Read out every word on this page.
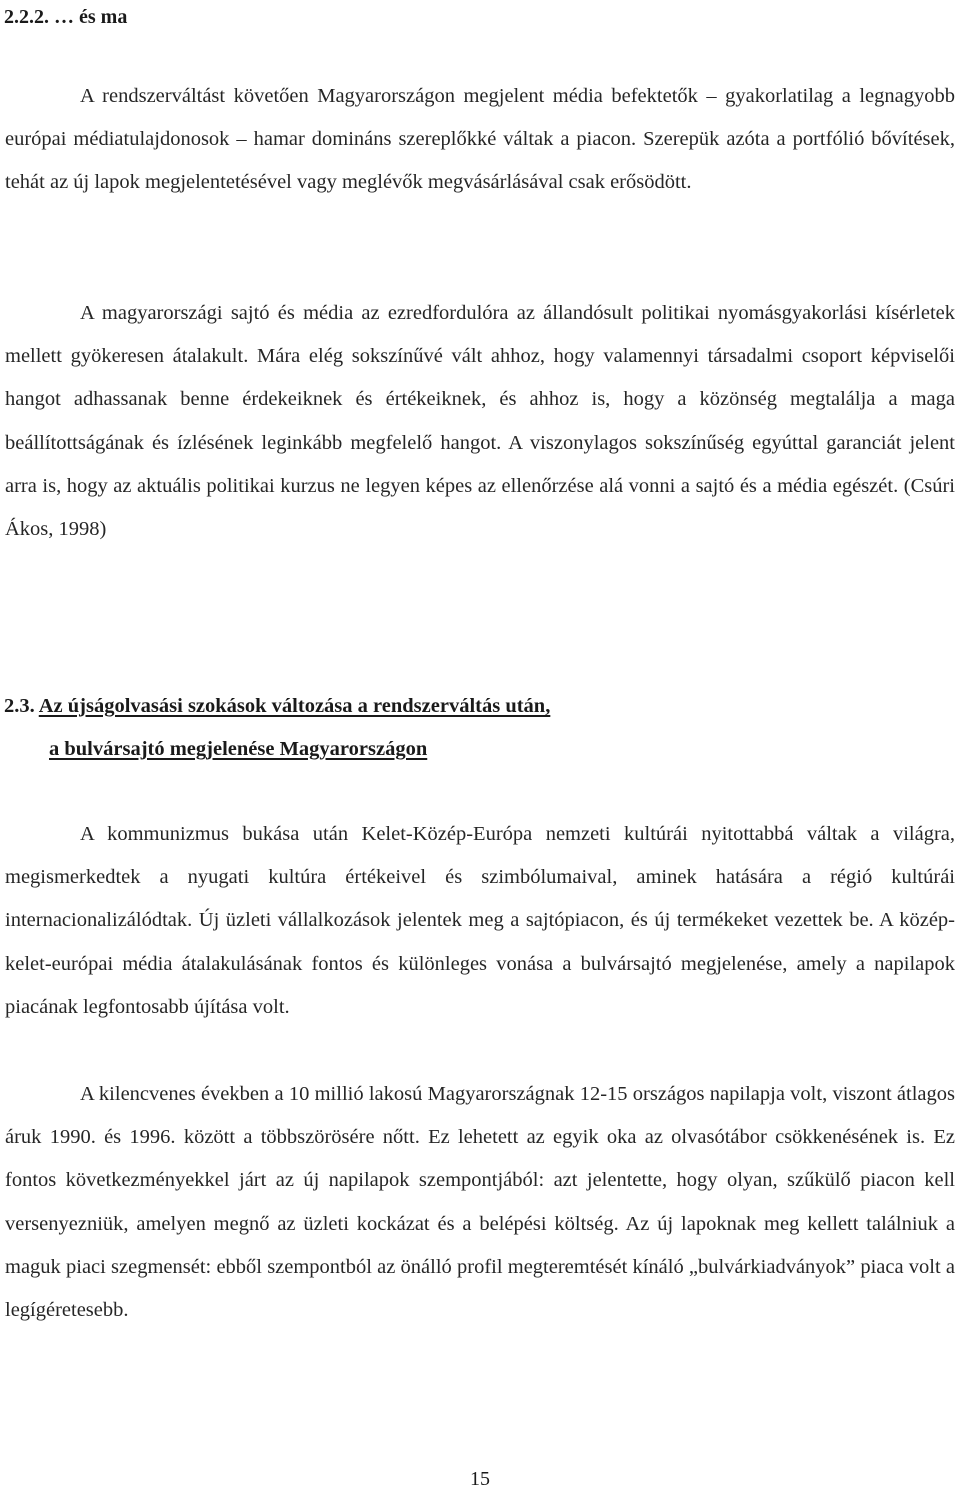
2.2.2. … és ma

A rendszerváltást követően Magyarországon megjelent média befektetők – gyakorlatilag a legnagyobb európai médiatulajdonosok – hamar domináns szereplőkké váltak a piacon. Szerepük azóta a portfólió bővítések, tehát az új lapok megjelentetésével vagy meglévők megvásárlásával csak erősödött.

A magyarországi sajtó és média az ezredfordulóra az állandósult politikai nyomásgyakorlási kísérletek mellett gyökeresen átalakult. Mára elég sokszínűvé vált ahhoz, hogy valamennyi társadalmi csoport képviselői hangot adhassanak benne érdekeiknek és értékeiknek, és ahhoz is, hogy a közönség megtalálja a maga beállítottságának és ízlésének leginkább megfelelő hangot. A viszonylagos sokszínűség egyúttal garanciát jelent arra is, hogy az aktuális politikai kurzus ne legyen képes az ellenőrzése alá vonni a sajtó és a média egészét. (Csúri Ákos, 1998)

2.3. Az újságolvasási szokások változása a rendszerváltás után,
a bulvársajtó megjelenése Magyarországon

A kommunizmus bukása után Kelet-Közép-Európa nemzeti kultúrái nyitottabbá váltak a világra, megismerkedtek a nyugati kultúra értékeivel és szimbólumaival, aminek hatására a régió kultúrái internacionalizálódtak. Új üzleti vállalkozások jelentek meg a sajtópiacon, és új termékeket vezettek be. A közép-kelet-európai média átalakulásának fontos és különleges vonása a bulvársajtó megjelenése, amely a napilapok piacának legfontosabb újítása volt.

A kilencvenes években a 10 millió lakosú Magyarországnak 12-15 országos napilapja volt, viszont átlagos áruk 1990. és 1996. között a többszörösére nőtt. Ez lehetett az egyik oka az olvasótábor csökkenésének is. Ez fontos következményekkel járt az új napilapok szempontjából: azt jelentette, hogy olyan, szűkülő piacon kell versenyezniük, amelyen megnő az üzleti kockázat és a belépési költség. Az új lapoknak meg kellett találniuk a maguk piaci szegmensét: ebből szempontból az önálló profil megteremtését kínáló „bulvárkiadványok” piaca volt a legígéretesebb.

15
